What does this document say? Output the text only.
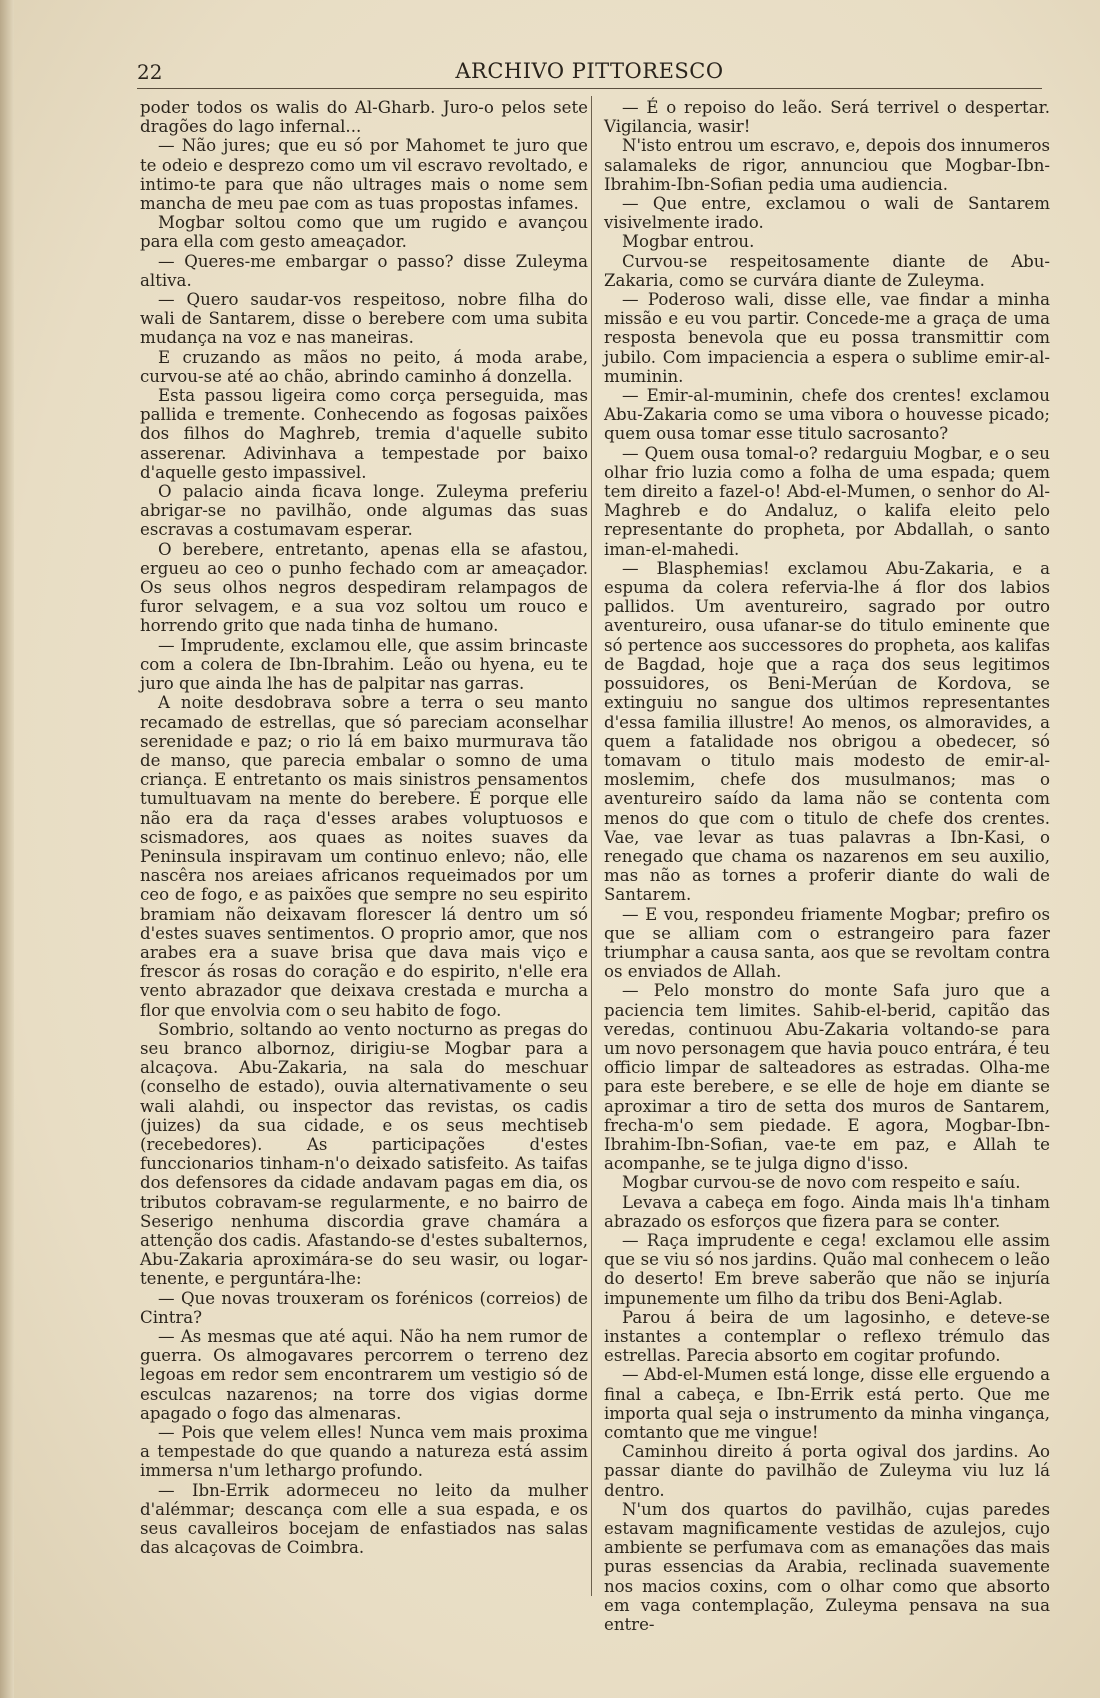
22	ARCHIVO PITTORESCO

poder todos os walis do Al-Gharb. Juro-o pelos sete dragões do lago infernal...

— Não jures; que eu só por Mahomet te juro que te odeio e desprezo como um vil escravo revoltado, e intimo-te para que não ultrages mais o nome sem mancha de meu pae com as tuas propostas infames.

Mogbar soltou como que um rugido e avançou para ella com gesto ameaçador.

— Queres-me embargar o passo? disse Zuleyma altiva.

— Quero saudar-vos respeitoso, nobre filha do wali de Santarem, disse o berebere com uma subita mudança na voz e nas maneiras.

E cruzando as mãos no peito, á moda arabe, curvou-se até ao chão, abrindo caminho á donzella.

Esta passou ligeira como corça perseguida, mas pallida e tremente. Conhecendo as fogosas paixões dos filhos do Maghreb, tremia d'aquelle subito asserenar. Adivinhava a tempestade por baixo d'aquelle gesto impassivel.

O palacio ainda ficava longe. Zuleyma preferiu abrigar-se no pavilhão, onde algumas das suas escravas a costumavam esperar.

O berebere, entretanto, apenas ella se afastou, ergueu ao ceo o punho fechado com ar ameaçador. Os seus olhos negros despediram relampagos de furor selvagem, e a sua voz soltou um rouco e horrendo grito que nada tinha de humano.

— Imprudente, exclamou elle, que assim brincaste com a colera de Ibn-Ibrahim. Leão ou hyena, eu te juro que ainda lhe has de palpitar nas garras.

A noite desdobrava sobre a terra o seu manto recamado de estrellas, que só pareciam aconselhar serenidade e paz; o rio lá em baixo murmurava tão de manso, que parecia embalar o somno de uma criança. E entretanto os mais sinistros pensamentos tumultuavam na mente do berebere. É porque elle não era da raça d'esses arabes voluptuosos e scismadores, aos quaes as noites suaves da Peninsula inspiravam um continuo enlevo; não, elle nascêra nos areiaes africanos requeimados por um ceo de fogo, e as paixões que sempre no seu espirito bramiam não deixavam florescer lá dentro um só d'estes suaves sentimentos. O proprio amor, que nos arabes era a suave brisa que dava mais viço e frescor ás rosas do coração e do espirito, n'elle era vento abrazador que deixava crestada e murcha a flor que envolvia com o seu habito de fogo.

Sombrio, soltando ao vento nocturno as pregas do seu branco albornoz, dirigiu-se Mogbar para a alcaçova. Abu-Zakaria, na sala do meschuar (conselho de estado), ouvia alternativamente o seu wali alahdi, ou inspector das revistas, os cadis (juizes) da sua cidade, e os seus mechtiseb (recebedores). As participações d'estes funccionarios tinham-n'o deixado satisfeito. As taifas dos defensores da cidade andavam pagas em dia, os tributos cobravam-se regularmente, e no bairro de Seserigo nenhuma discordia grave chamára a attenção dos cadis. Afastando-se d'estes subalternos, Abu-Zakaria aproximára-se do seu wasir, ou logar-tenente, e perguntára-lhe:

— Que novas trouxeram os forénicos (correios) de Cintra?

— As mesmas que até aqui. Não ha nem rumor de guerra. Os almogavares percorrem o terreno dez legoas em redor sem encontrarem um vestigio só de esculcas nazarenos; na torre dos vigias dorme apagado o fogo das almenaras.

— Pois que velem elles! Nunca vem mais proxima a tempestade do que quando a natureza está assim immersa n'um lethargo profundo.

— Ibn-Errik adormeceu no leito da mulher d'alémmar; descança com elle a sua espada, e os seus cavalleiros bocejam de enfastiados nas salas das alcaçovas de Coimbra.

— É o repoiso do leão. Será terrivel o despertar. Vigilancia, wasir!

N'isto entrou um escravo, e, depois dos innumeros salamaleks de rigor, annunciou que Mogbar-Ibn-Ibrahim-Ibn-Sofian pedia uma audiencia.

— Que entre, exclamou o wali de Santarem visivelmente irado.

Mogbar entrou.

Curvou-se respeitosamente diante de Abu-Zakaria, como se curvára diante de Zuleyma.

— Poderoso wali, disse elle, vae findar a minha missão e eu vou partir. Concede-me a graça de uma resposta benevola que eu possa transmittir com jubilo. Com impaciencia a espera o sublime emir-al-muminin.

— Emir-al-muminin, chefe dos crentes! exclamou Abu-Zakaria como se uma vibora o houvesse picado; quem ousa tomar esse titulo sacrosanto?

— Quem ousa tomal-o? redarguiu Mogbar, e o seu olhar frio luzia como a folha de uma espada; quem tem direito a fazel-o! Abd-el-Mumen, o senhor do Al-Maghreb e do Andaluz, o kalifa eleito pelo representante do propheta, por Abdallah, o santo iman-el-mahedi.

— Blasphemias! exclamou Abu-Zakaria, e a espuma da colera refervia-lhe á flor dos labios pallidos. Um aventureiro, sagrado por outro aventureiro, ousa ufanar-se do titulo eminente que só pertence aos successores do propheta, aos kalifas de Bagdad, hoje que a raça dos seus legitimos possuidores, os Beni-Merúan de Kordova, se extinguiu no sangue dos ultimos representantes d'essa familia illustre! Ao menos, os almoravides, a quem a fatalidade nos obrigou a obedecer, só tomavam o titulo mais modesto de emir-al-moslemim, chefe dos musulmanos; mas o aventureiro saído da lama não se contenta com menos do que com o titulo de chefe dos crentes. Vae, vae levar as tuas palavras a Ibn-Kasi, o renegado que chama os nazarenos em seu auxilio, mas não as tornes a proferir diante do wali de Santarem.

— E vou, respondeu friamente Mogbar; prefiro os que se alliam com o estrangeiro para fazer triumphar a causa santa, aos que se revoltam contra os enviados de Allah.

— Pelo monstro do monte Safa juro que a paciencia tem limites. Sahib-el-berid, capitão das veredas, continuou Abu-Zakaria voltando-se para um novo personagem que havia pouco entrára, é teu officio limpar de salteadores as estradas. Olha-me para este berebere, e se elle de hoje em diante se aproximar a tiro de setta dos muros de Santarem, frecha-m'o sem piedade. E agora, Mogbar-Ibn-Ibrahim-Ibn-Sofian, vae-te em paz, e Allah te acompanhe, se te julga digno d'isso.

Mogbar curvou-se de novo com respeito e saíu.

Levava a cabeça em fogo. Ainda mais lh'a tinham abrazado os esforços que fizera para se conter.

— Raça imprudente e cega! exclamou elle assim que se viu só nos jardins. Quão mal conhecem o leão do deserto! Em breve saberão que não se injuría impunemente um filho da tribu dos Beni-Aglab.

Parou á beira de um lagosinho, e deteve-se instantes a contemplar o reflexo trémulo das estrellas. Parecia absorto em cogitar profundo.

— Abd-el-Mumen está longe, disse elle erguendo a final a cabeça, e Ibn-Errik está perto. Que me importa qual seja o instrumento da minha vingança, comtanto que me vingue!

Caminhou direito á porta ogival dos jardins. Ao passar diante do pavilhão de Zuleyma viu luz lá dentro.

N'um dos quartos do pavilhão, cujas paredes estavam magnificamente vestidas de azulejos, cujo ambiente se perfumava com as emanações das mais puras essencias da Arabia, reclinada suavemente nos macios coxins, com o olhar como que absorto em vaga contemplação, Zuleyma pensava na sua entre-
